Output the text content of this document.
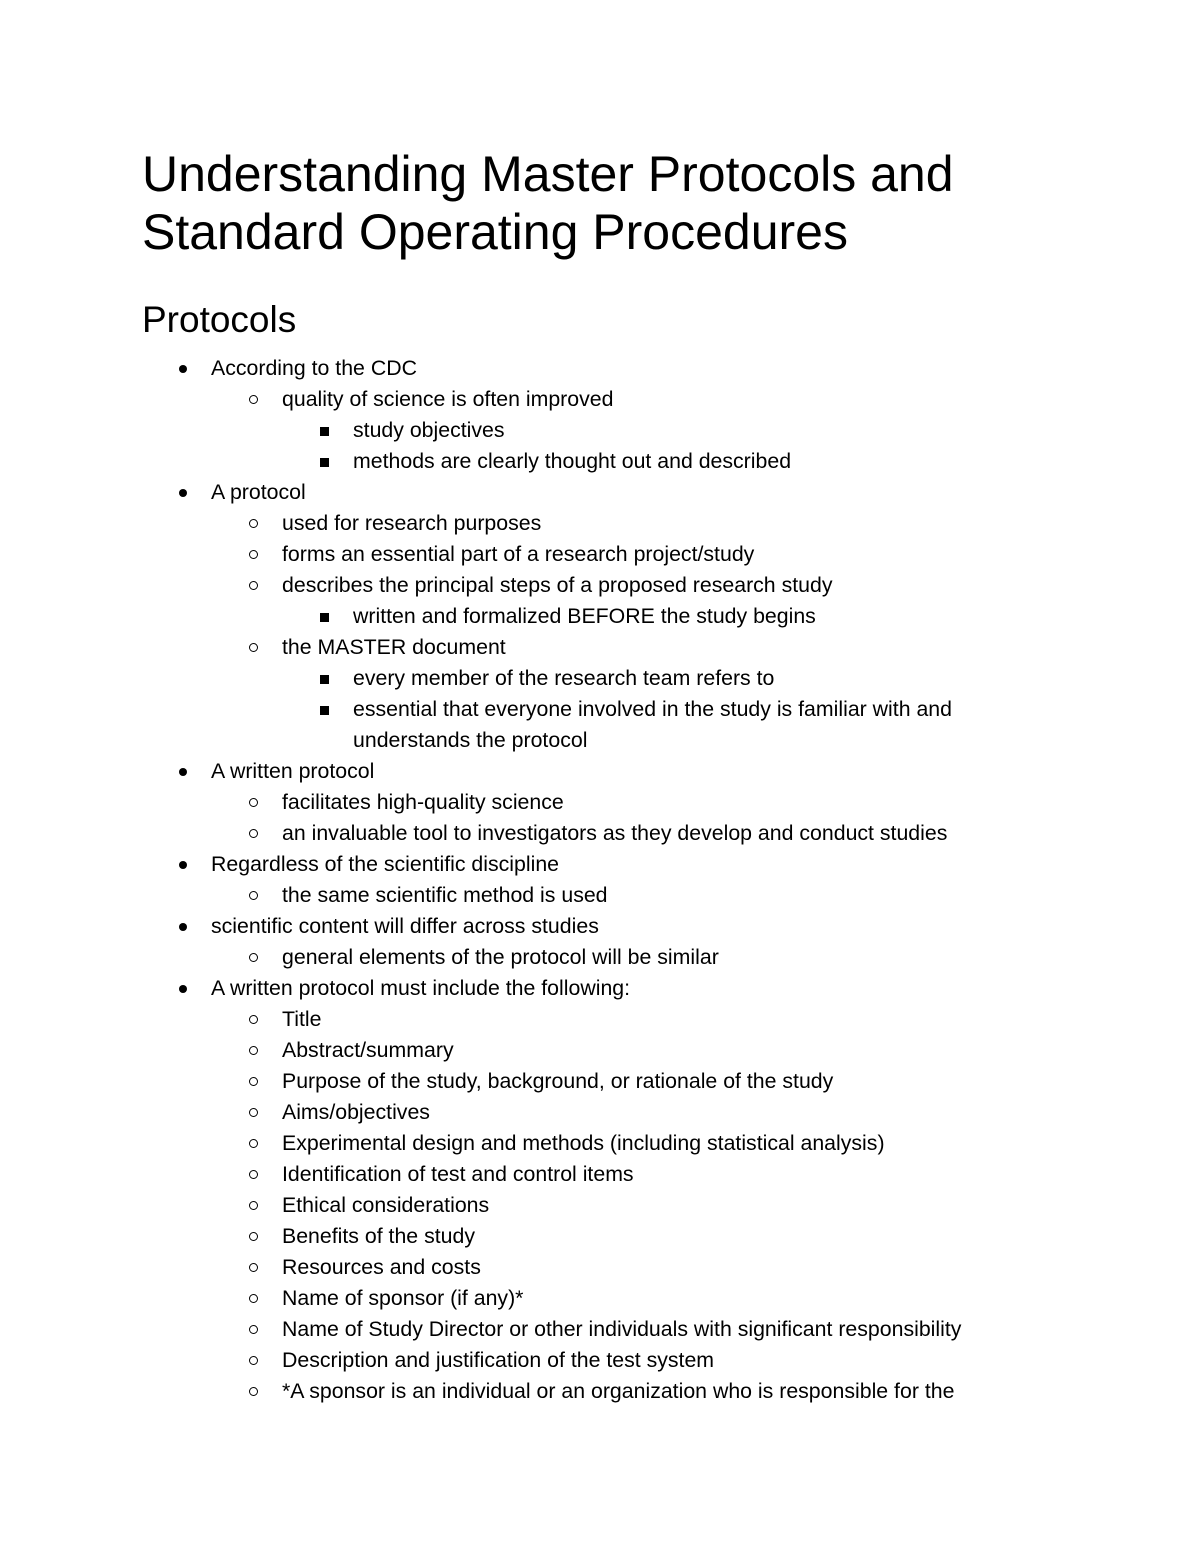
Understanding Master Protocols and Standard Operating Procedures
Protocols
According to the CDC
quality of science is often improved
study objectives
methods are clearly thought out and described
A protocol
used for research purposes
forms an essential part of a research project/study
describes the principal steps of a proposed research study
written and formalized BEFORE the study begins
the MASTER document
every member of the research team refers to
essential that everyone involved in the study is familiar with and understands the protocol
A written protocol
facilitates high-quality science
an invaluable tool to investigators as they develop and conduct studies
Regardless of the scientific discipline
the same scientific method is used
scientific content will differ across studies
general elements of the protocol will be similar
A written protocol must include the following:
Title
Abstract/summary
Purpose of the study, background, or rationale of the study
Aims/objectives
Experimental design and methods (including statistical analysis)
Identification of test and control items
Ethical considerations
Benefits of the study
Resources and costs
Name of sponsor (if any)*
Name of Study Director or other individuals with significant responsibility
Description and justification of the test system
*A sponsor is an individual or an organization who is responsible for the
